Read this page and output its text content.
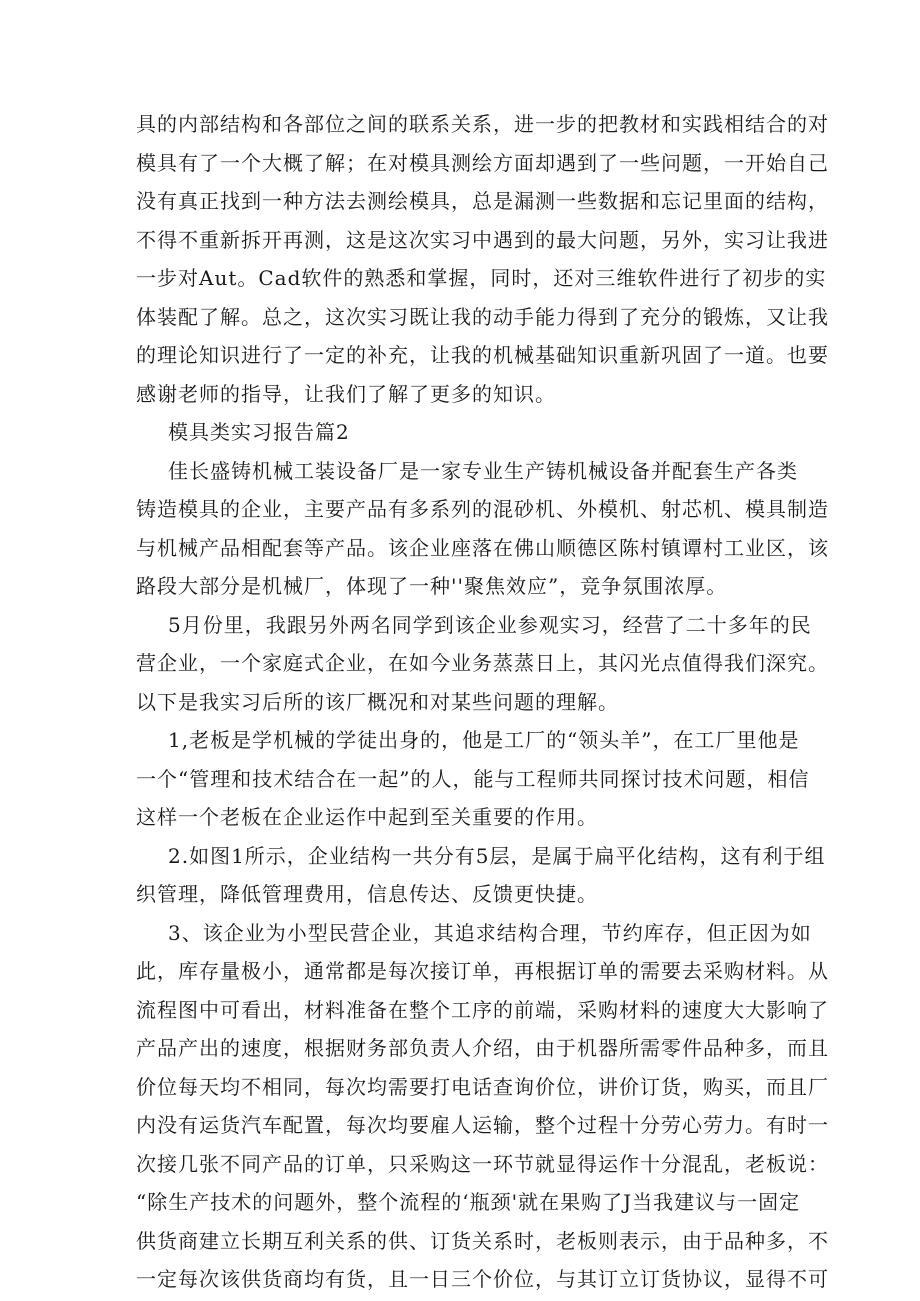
具的内部结构和各部位之间的联系关系，进一步的把教材和实践相结合的对
模具有了一个大概了解；在对模具测绘方面却遇到了一些问题，一开始自己
没有真正找到一种方法去测绘模具，总是漏测一些数据和忘记里面的结构，
不得不重新拆开再测，这是这次实习中遇到的最大问题，另外，实习让我进
一步对Aut。Cad软件的熟悉和掌握，同时，还对三维软件进行了初步的实
体装配了解。总之，这次实习既让我的动手能力得到了充分的锻炼，又让我
的理论知识进行了一定的补充，让我的机械基础知识重新巩固了一道。也要
感谢老师的指导，让我们了解了更多的知识。
模具类实习报告篇2
佳长盛铸机械工装设备厂是一家专业生产铸机械设备并配套生产各类
铸造模具的企业，主要产品有多系列的混砂机、外模机、射芯机、模具制造
与机械产品相配套等产品。该企业座落在佛山顺德区陈村镇谭村工业区，该
路段大部分是机械厂，体现了一种''聚焦效应”，竞争氛围浓厚。
5月份里，我跟另外两名同学到该企业参观实习，经营了二十多年的民
营企业，一个家庭式企业，在如今业务蒸蒸日上，其闪光点值得我们深究。
以下是我实习后所的该厂概况和对某些问题的理解。
1,老板是学机械的学徒出身的，他是工厂的“领头羊”，在工厂里他是
一个“管理和技术结合在一起”的人，能与工程师共同探讨技术问题，相信
这样一个老板在企业运作中起到至关重要的作用。
2.如图1所示，企业结构一共分有5层，是属于扁平化结构，这有利于组
织管理，降低管理费用，信息传达、反馈更快捷。
3、该企业为小型民营企业，其追求结构合理，节约库存，但正因为如
此，库存量极小，通常都是每次接订单，再根据订单的需要去采购材料。从
流程图中可看出，材料准备在整个工序的前端，采购材料的速度大大影响了
产品产出的速度，根据财务部负责人介绍，由于机器所需零件品种多，而且
价位每天均不相同，每次均需要打电话查询价位，讲价订货，购买，而且厂
内没有运货汽车配置，每次均要雇人运输，整个过程十分劳心劳力。有时一
次接几张不同产品的订单，只采购这一环节就显得运作十分混乱，老板说：
“除生产技术的问题外，整个流程的‘瓶颈'就在果购了J当我建议与一固定
供货商建立长期互利关系的供、订货关系时，老板则表示，由于品种多，不
一定每次该供货商均有货，且一日三个价位，与其订立订货协议，显得不可
